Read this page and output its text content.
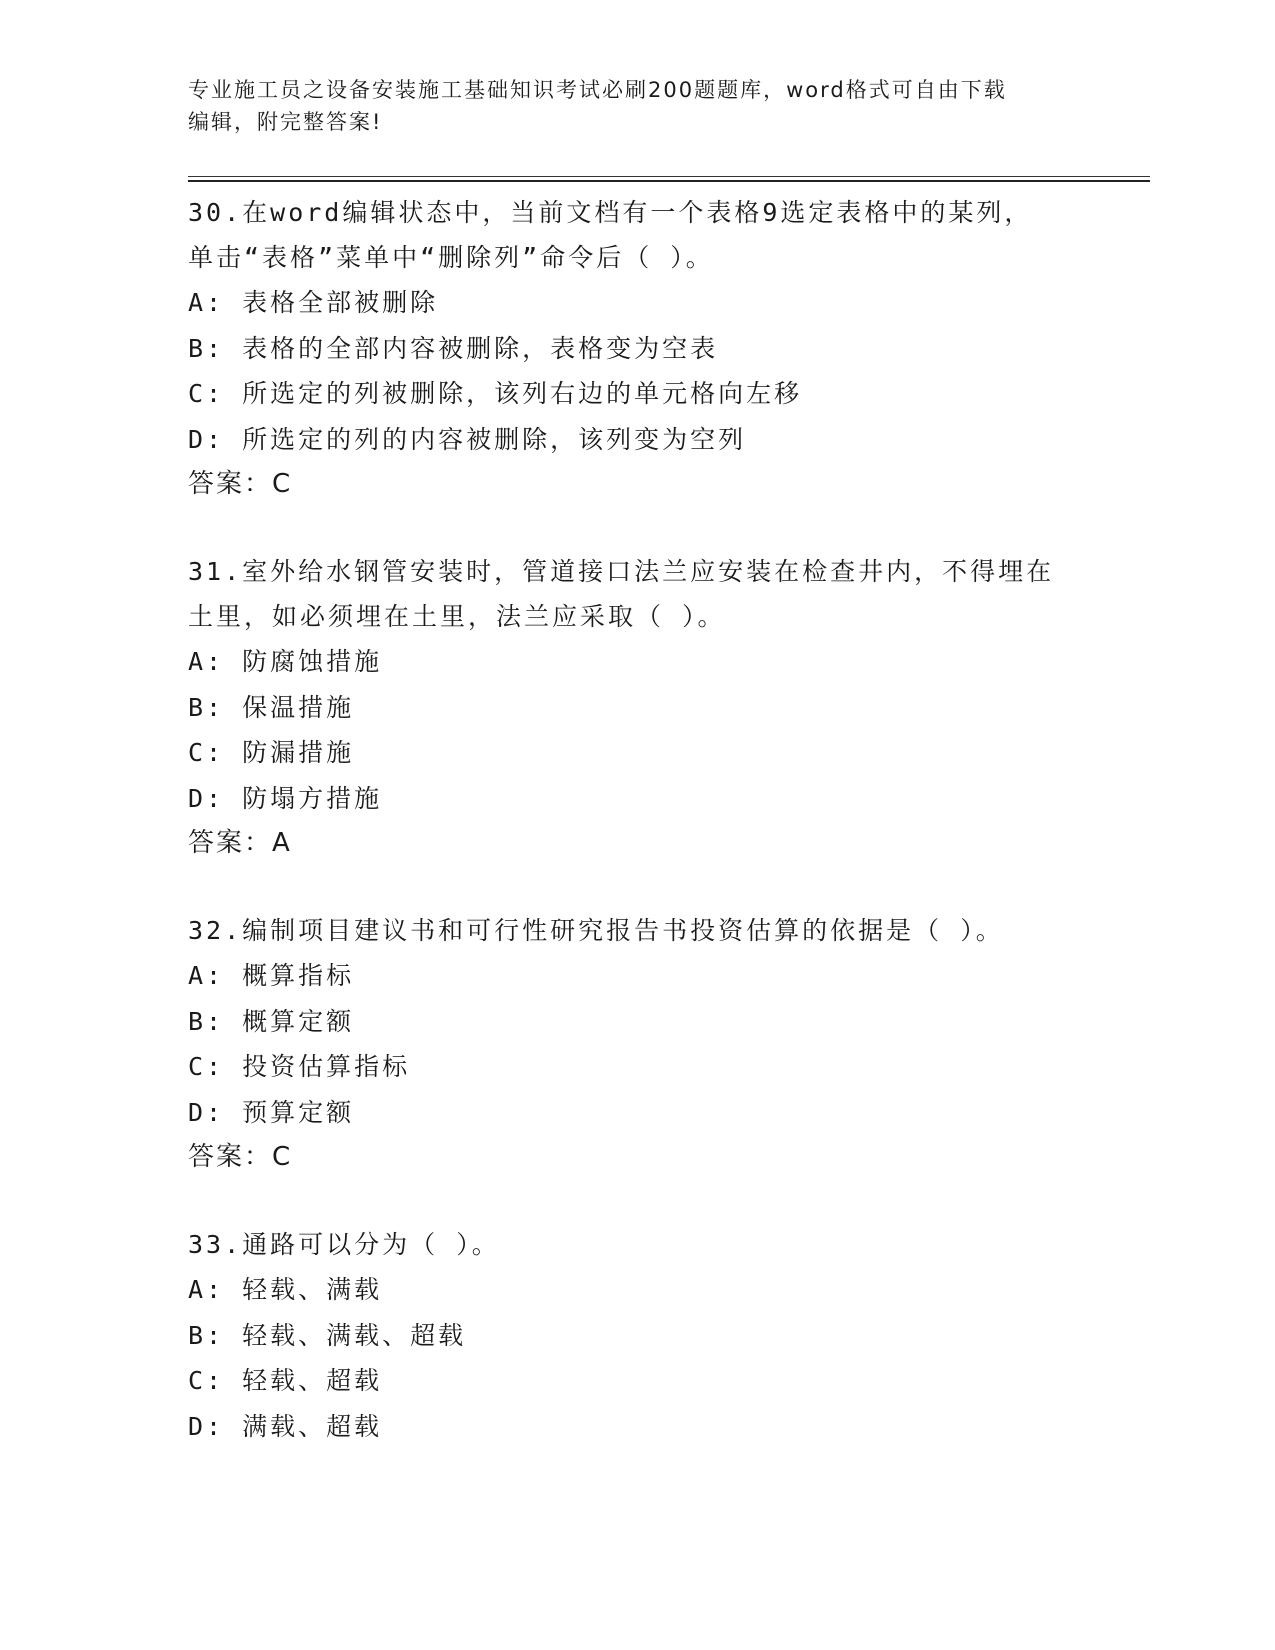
专业施工员之设备安装施工基础知识考试必刷200题题库，word格式可自由下载
编辑，附完整答案!
30.在word编辑状态中，当前文档有一个表格9选定表格中的某列，
单击“表格”菜单中“删除列”命令后（ ）。
A: 表格全部被删除
B: 表格的全部内容被删除，表格变为空表
C: 所选定的列被删除，该列右边的单元格向左移
D: 所选定的列的内容被删除，该列变为空列
答案：C
31.室外给水钢管安装时，管道接口法兰应安装在检查井内，不得埋在
土里，如必须埋在土里，法兰应采取（ ）。
A: 防腐蚀措施
B: 保温措施
C: 防漏措施
D: 防塌方措施
答案：A
32.编制项目建议书和可行性研究报告书投资估算的依据是（ ）。
A: 概算指标
B: 概算定额
C: 投资估算指标
D: 预算定额
答案：C
33.通路可以分为（ ）。
A: 轻载、满载
B: 轻载、满载、超载
C: 轻载、超载
D: 满载、超载
